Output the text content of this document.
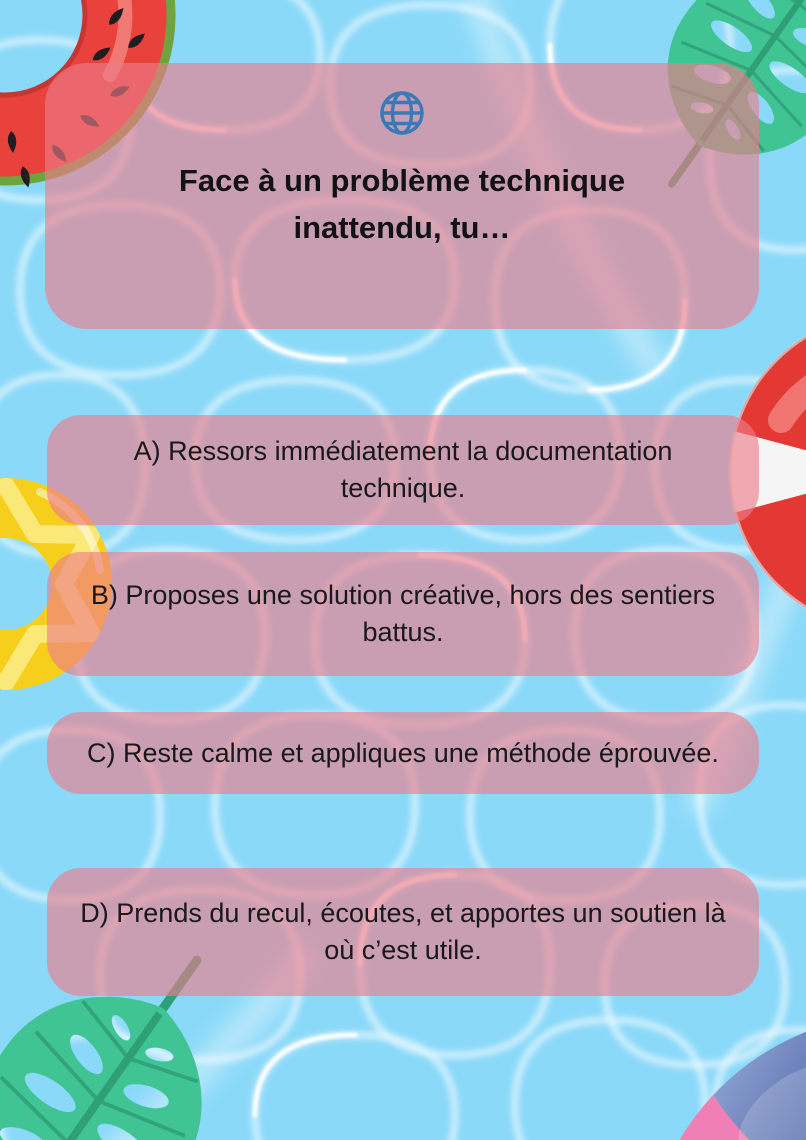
Face à un problème technique
inattendu, tu…
A) Ressors immédiatement la documentation
technique.
B) Proposes une solution créative, hors des sentiers
battus.
C) Reste calme et appliques une méthode éprouvée.
D) Prends du recul, écoutes, et apportes un soutien là
où c’est utile.
